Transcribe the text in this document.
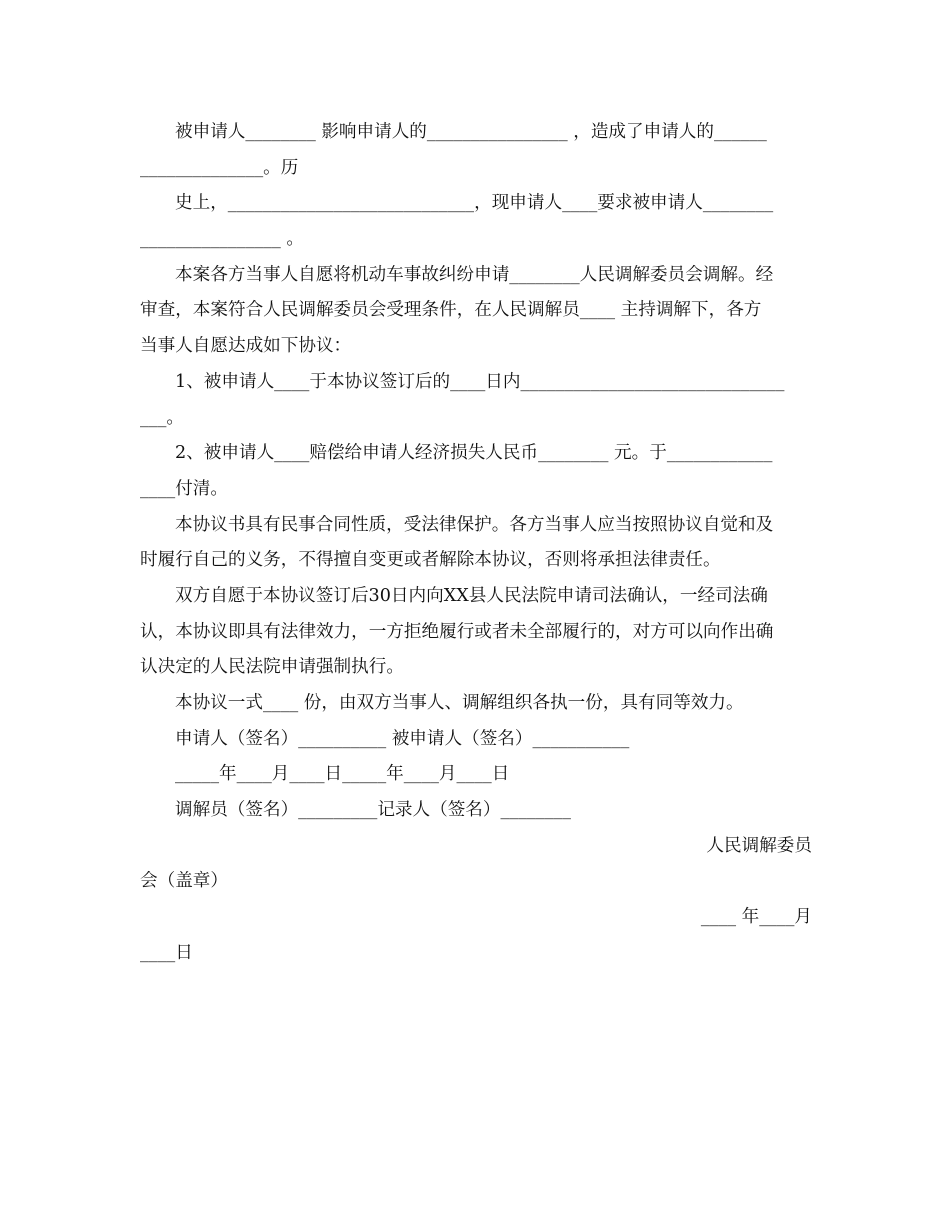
被申请人________ 影响申请人的________________ ，造成了申请人的______
______________。历
史上，____________________________，现申请人____要求被申请人________
________________ 。
本案各方当事人自愿将机动车事故纠纷申请________人民调解委员会调解。经
审查，本案符合人民调解委员会受理条件，在人民调解员____ 主持调解下，各方
当事人自愿达成如下协议：
1、被申请人____于本协议签订后的____日内______________________________
___。
2、被申请人____赔偿给申请人经济损失人民币________ 元。于____________
____付清。
本协议书具有民事合同性质，受法律保护。各方当事人应当按照协议自觉和及
时履行自己的义务，不得擅自变更或者解除本协议，否则将承担法律责任。
双方自愿于本协议签订后30日内向XX县人民法院申请司法确认，一经司法确
认，本协议即具有法律效力，一方拒绝履行或者未全部履行的，对方可以向作出确
认决定的人民法院申请强制执行。
本协议一式____ 份，由双方当事人、调解组织各执一份，具有同等效力。
申请人（签名）__________ 被申请人（签名）___________
_____年____月____日_____年____月____日
调解员（签名）_________记录人（签名）________
人民调解委员
会（盖章）
____ 年____月
____日
